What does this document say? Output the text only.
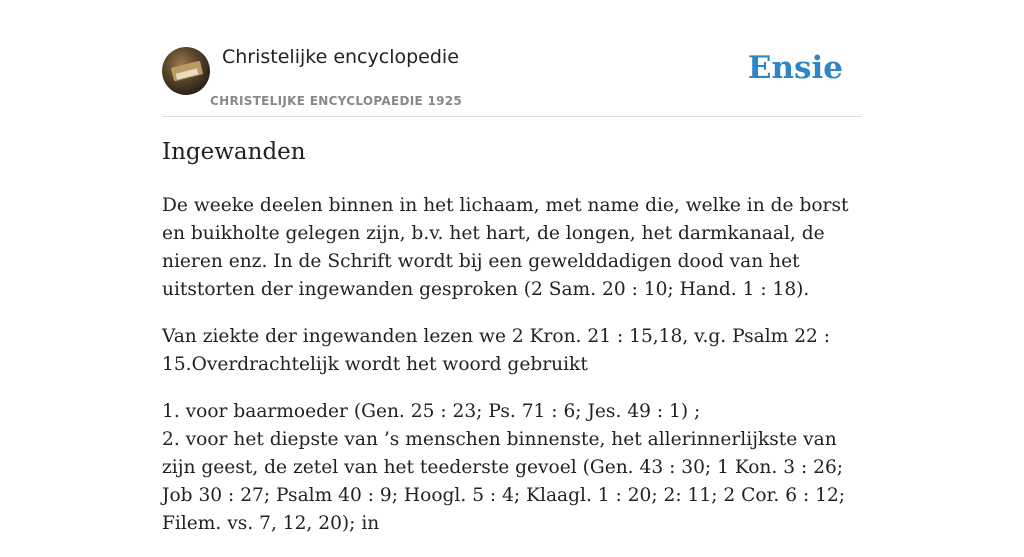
Christelijke encyclopedie
CHRISTELIJKE ENCYCLOPAEDIE 1925
Ensie
Ingewanden

De weeke deelen binnen in het lichaam, met name die, welke in de borst en buikholte gelegen zijn, b.v. het hart, de longen, het darmkanaal, de nieren enz. In de Schrift wordt bij een gewelddadigen dood van het uitstorten der ingewanden gesproken (2 Sam. 20 : 10; Hand. 1 : 18).

Van ziekte der ingewanden lezen we 2 Kron. 21 : 15,18, v.g. Psalm 22 : 15.Overdrachtelijk wordt het woord gebruikt

1. voor baarmoeder (Gen. 25 : 23; Ps. 71 : 6; Jes. 49 : 1) ;
2. voor het diepste van ’s menschen binnenste, het allerinnerlijkste van zijn geest, de zetel van het teederste gevoel (Gen. 43 : 30; 1 Kon. 3 : 26; Job 30 : 27; Psalm 40 : 9; Hoogl. 5 : 4; Klaagl. 1 : 20; 2: 11; 2 Cor. 6 : 12; Filem. vs. 7, 12, 20); in
